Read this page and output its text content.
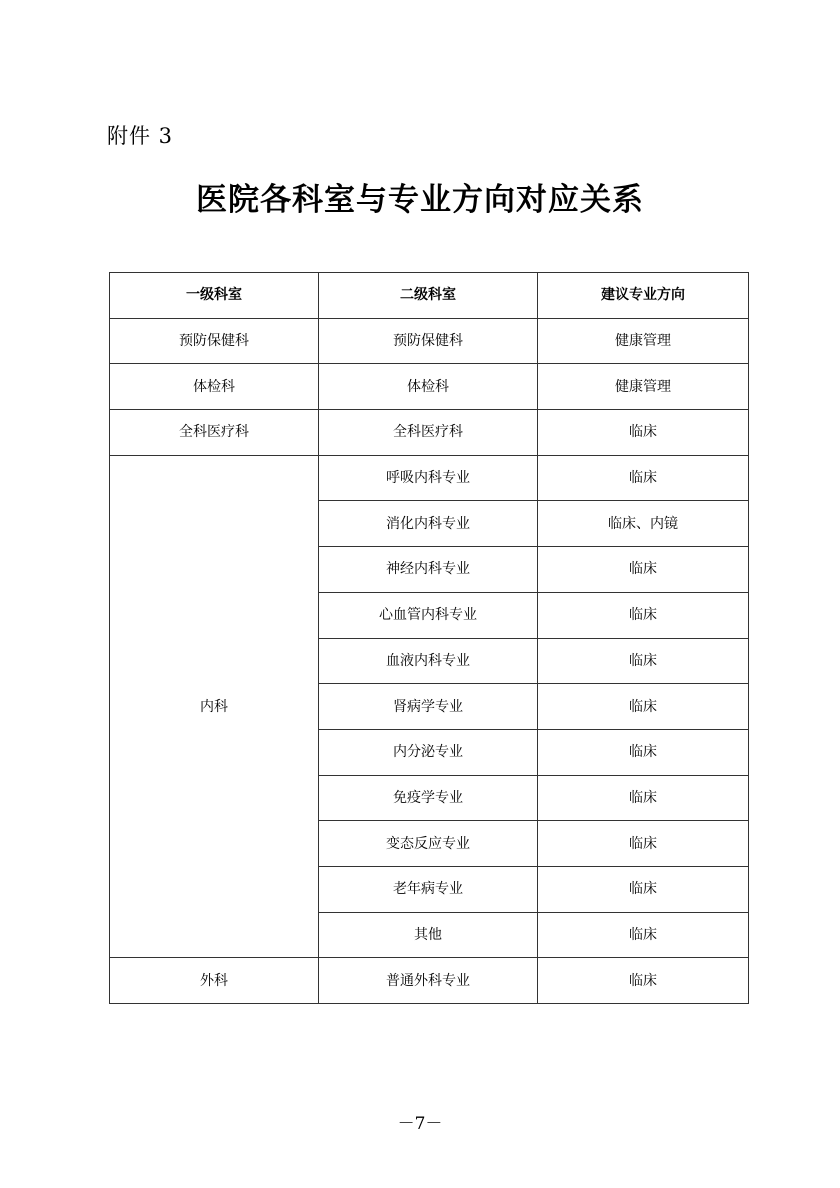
附件 3
医院各科室与专业方向对应关系
一级科室	二级科室	建议专业方向
预防保健科	预防保健科	健康管理
体检科	体检科	健康管理
全科医疗科	全科医疗科	临床
内科	呼吸内科专业	临床
	消化内科专业	临床、内镜
	神经内科专业	临床
	心血管内科专业	临床
	血液内科专业	临床
	肾病学专业	临床
	内分泌专业	临床
	免疫学专业	临床
	变态反应专业	临床
	老年病专业	临床
	其他	临床
外科	普通外科专业	临床
－7－
